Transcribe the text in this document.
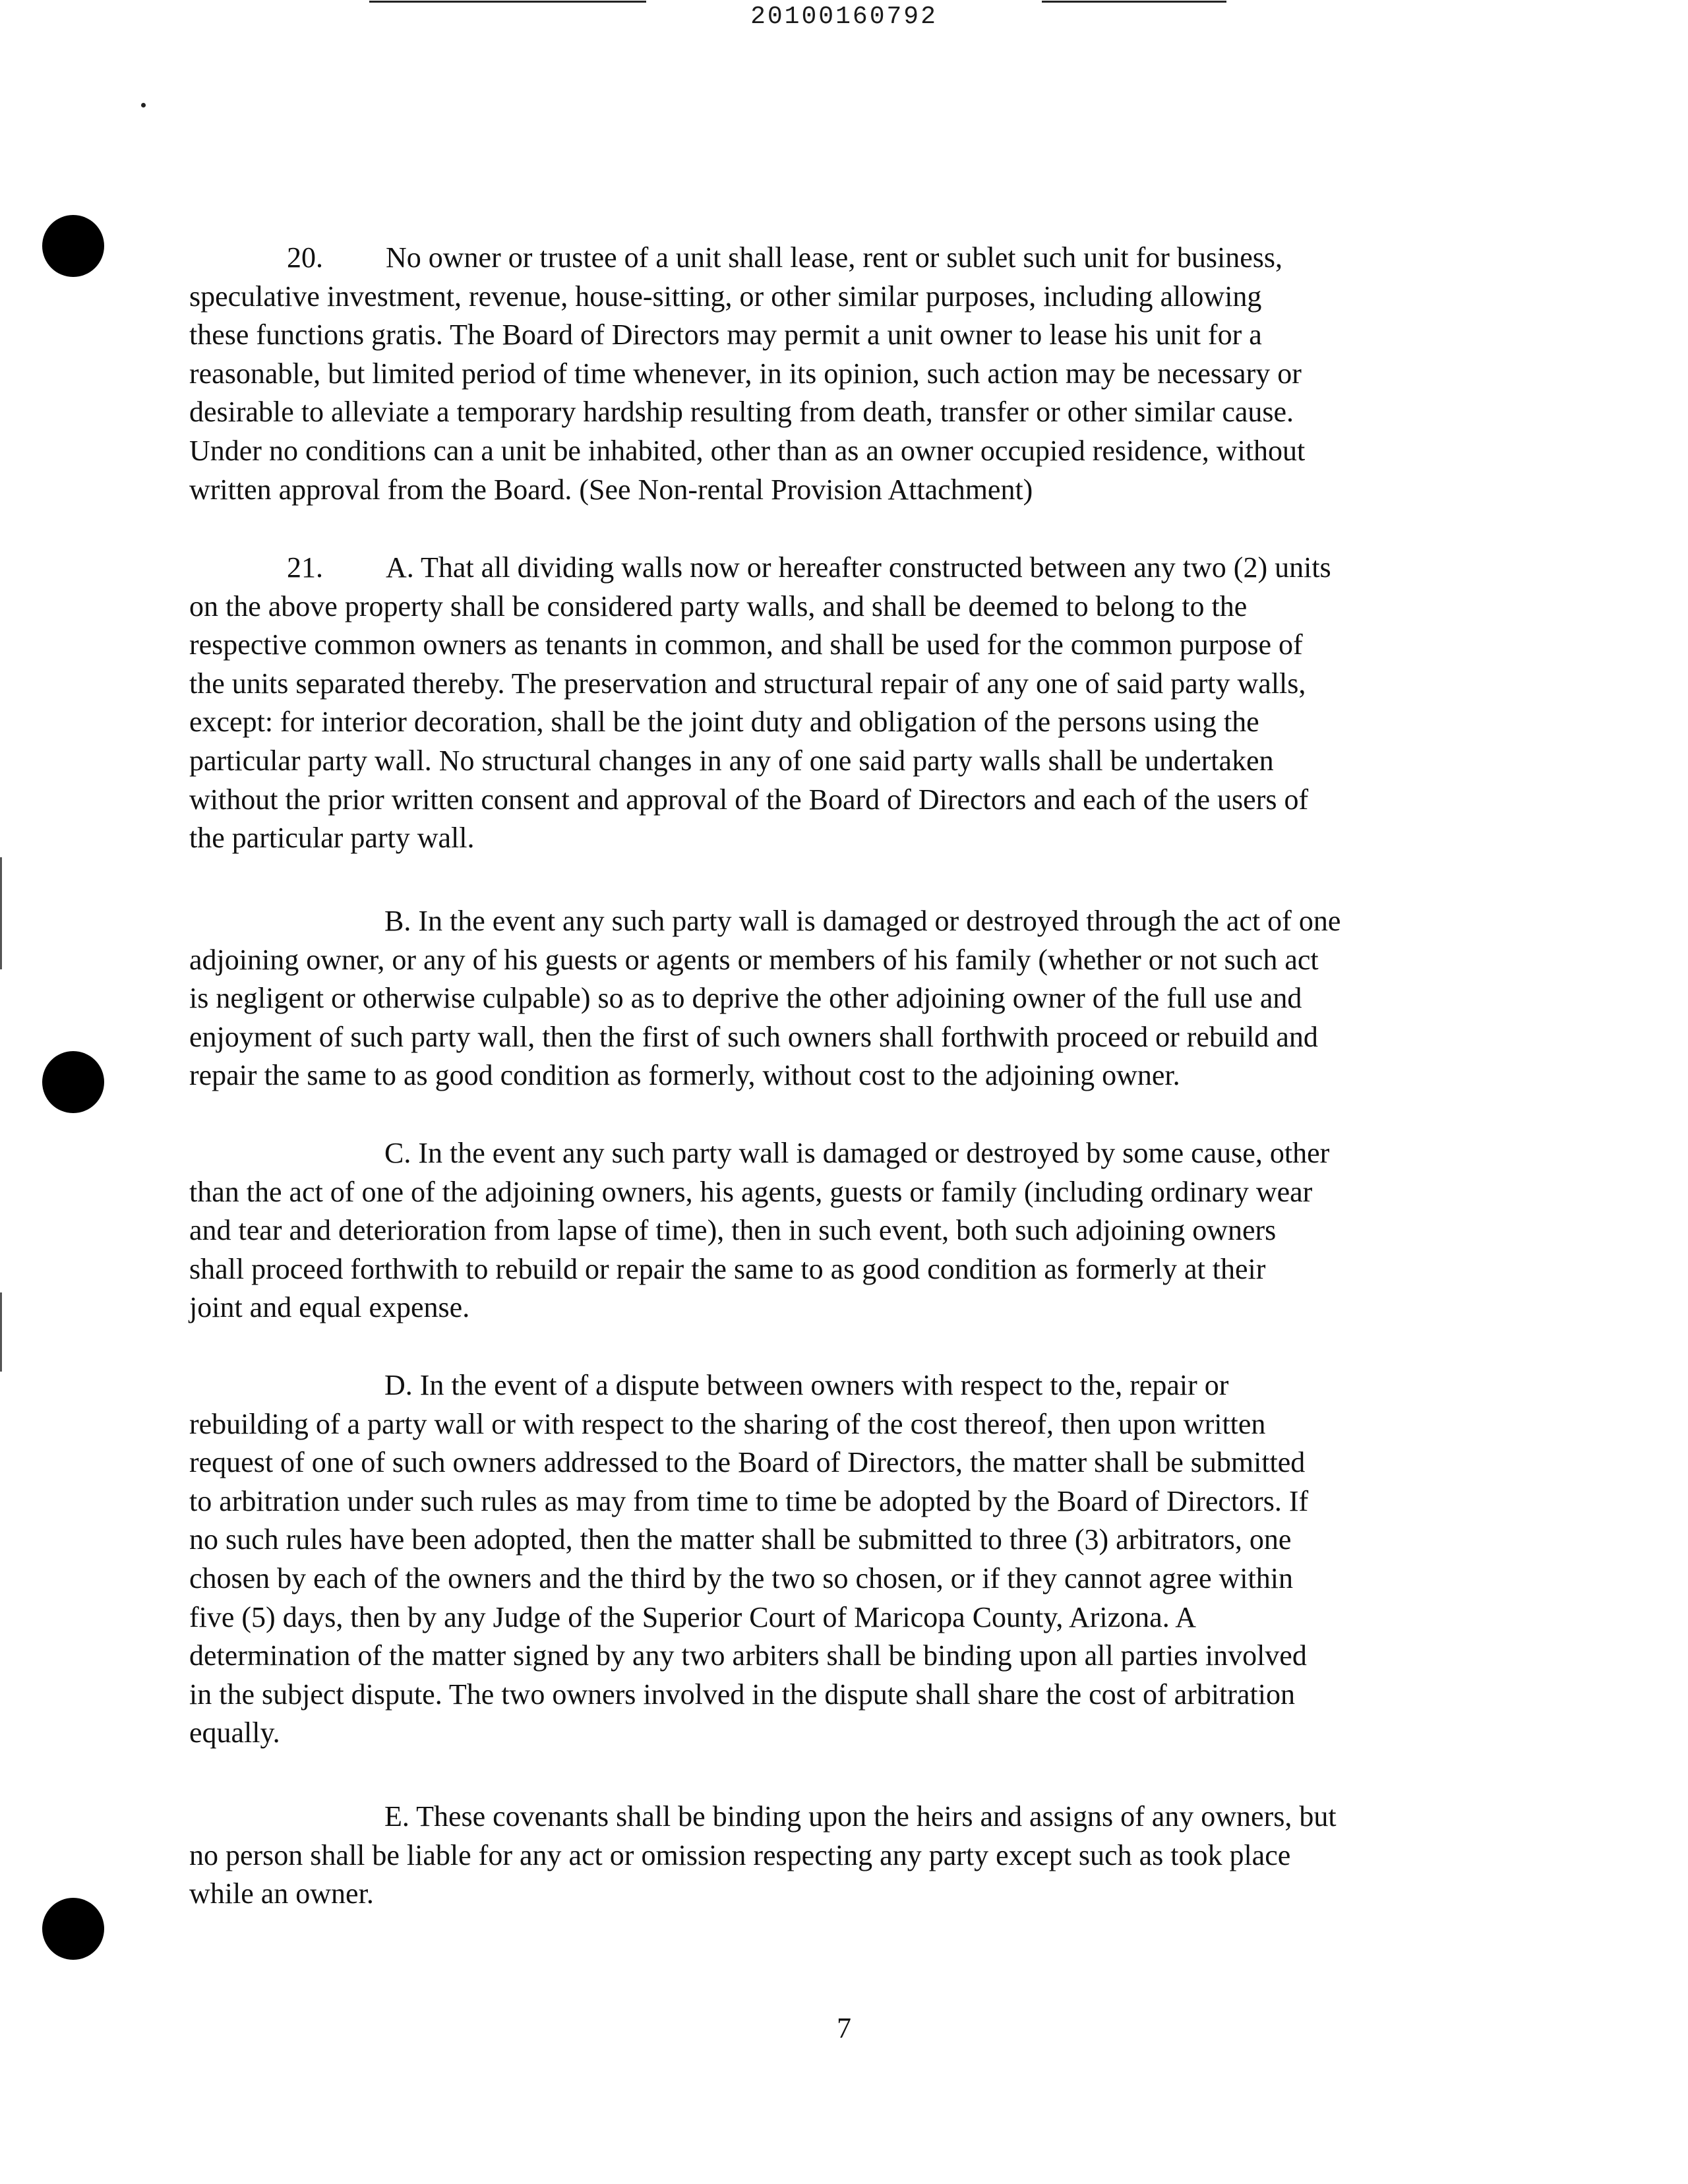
20100160792

20. No owner or trustee of a unit shall lease, rent or sublet such unit for business,
speculative investment, revenue, house-sitting, or other similar purposes, including allowing
these functions gratis. The Board of Directors may permit a unit owner to lease his unit for a
reasonable, but limited period of time whenever, in its opinion, such action may be necessary or
desirable to alleviate a temporary hardship resulting from death, transfer or other similar cause.
Under no conditions can a unit be inhabited, other than as an owner occupied residence, without
written approval from the Board. (See Non-rental Provision Attachment)

21. A. That all dividing walls now or hereafter constructed between any two (2) units
on the above property shall be considered party walls, and shall be deemed to belong to the
respective common owners as tenants in common, and shall be used for the common purpose of
the units separated thereby. The preservation and structural repair of any one of said party walls,
except: for interior decoration, shall be the joint duty and obligation of the persons using the
particular party wall. No structural changes in any of one said party walls shall be undertaken
without the prior written consent and approval of the Board of Directors and each of the users of
the particular party wall.

B. In the event any such party wall is damaged or destroyed through the act of one
adjoining owner, or any of his guests or agents or members of his family (whether or not such act
is negligent or otherwise culpable) so as to deprive the other adjoining owner of the full use and
enjoyment of such party wall, then the first of such owners shall forthwith proceed or rebuild and
repair the same to as good condition as formerly, without cost to the adjoining owner.

C. In the event any such party wall is damaged or destroyed by some cause, other
than the act of one of the adjoining owners, his agents, guests or family (including ordinary wear
and tear and deterioration from lapse of time), then in such event, both such adjoining owners
shall proceed forthwith to rebuild or repair the same to as good condition as formerly at their
joint and equal expense.

D. In the event of a dispute between owners with respect to the, repair or
rebuilding of a party wall or with respect to the sharing of the cost thereof, then upon written
request of one of such owners addressed to the Board of Directors, the matter shall be submitted
to arbitration under such rules as may from time to time be adopted by the Board of Directors. If
no such rules have been adopted, then the matter shall be submitted to three (3) arbitrators, one
chosen by each of the owners and the third by the two so chosen, or if they cannot agree within
five (5) days, then by any Judge of the Superior Court of Maricopa County, Arizona. A
determination of the matter signed by any two arbiters shall be binding upon all parties involved
in the subject dispute. The two owners involved in the dispute shall share the cost of arbitration
equally.

E. These covenants shall be binding upon the heirs and assigns of any owners, but
no person shall be liable for any act or omission respecting any party except such as took place
while an owner.

7
